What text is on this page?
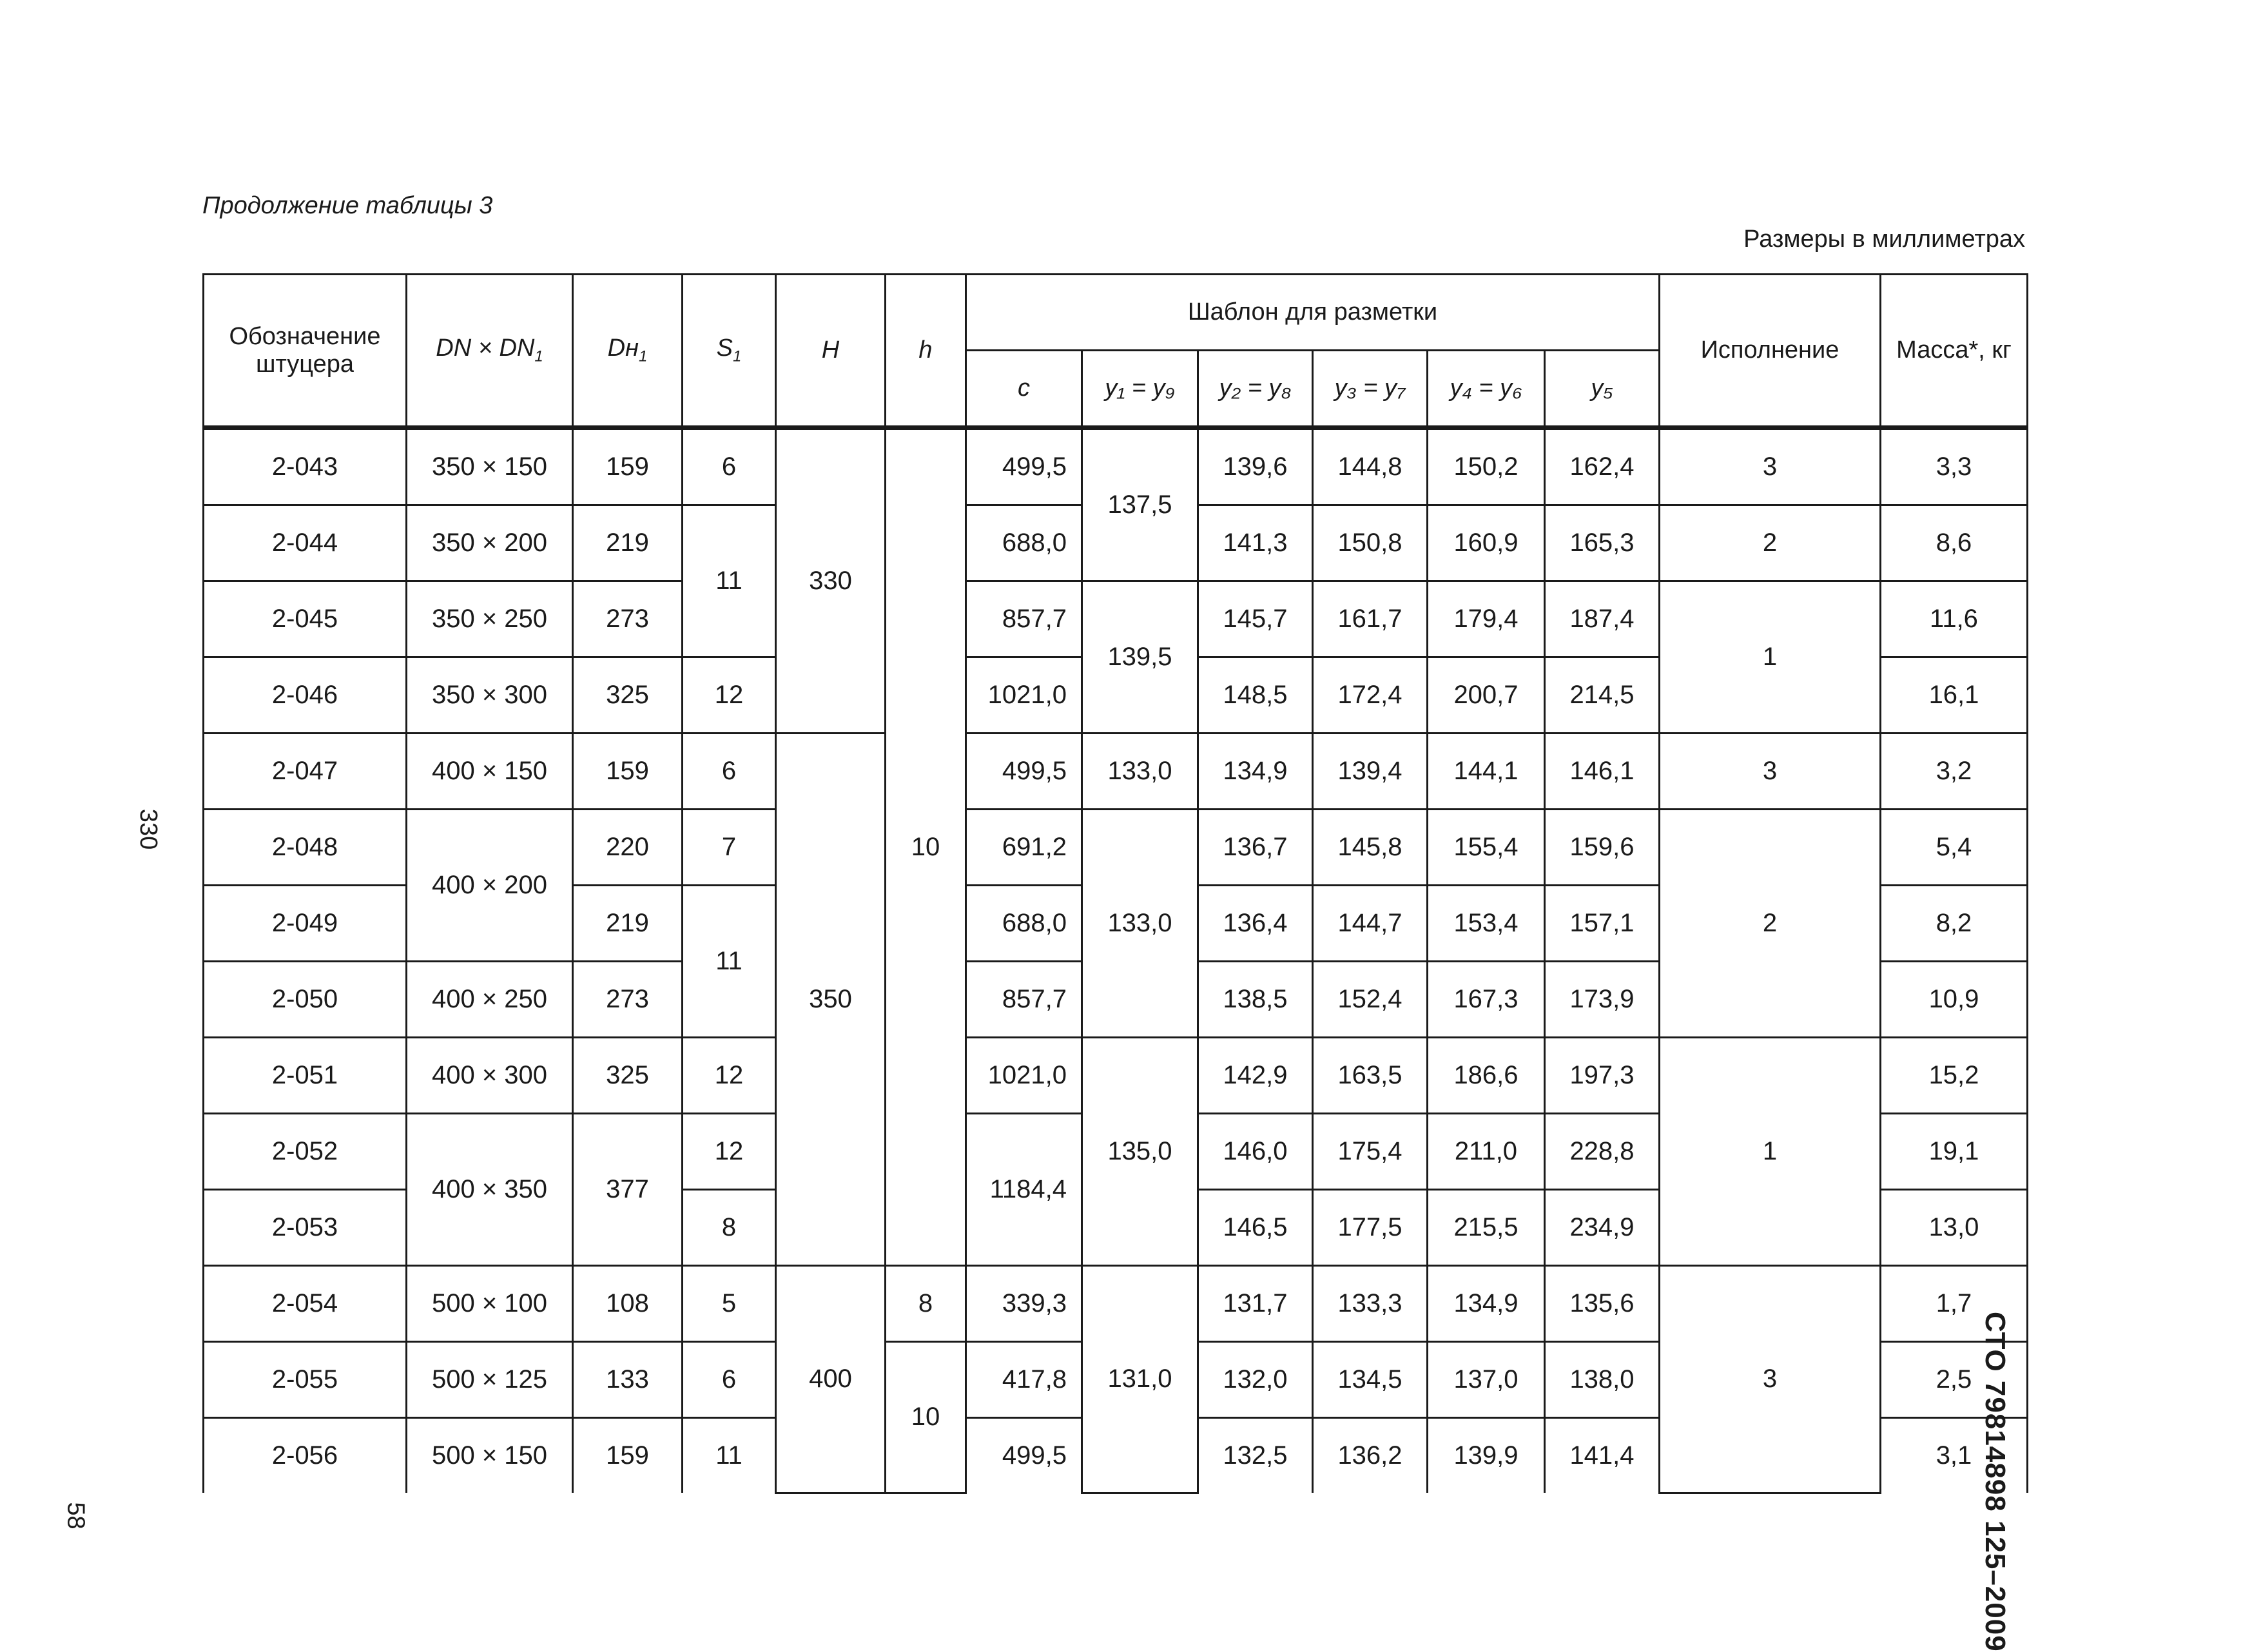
Продолжение таблицы 3
Размеры в миллиметрах
330
58	СТО 79814898 125–2009
Обозначение штуцера	DN × $DN_1$	$Dн_1$	$S_1$	H	h	Шаблон для разметки						Исполнение	Масса*, кг
						c	y₁ = y₉	y₂ = y₈	y₃ = y₇	y₄ = y₆	y₅		
2-043	350 × 150	159	6	330	10	499,5	137,5	139,6	144,8	150,2	162,4	3	3,3
2-044	350 × 200	219	11			688,0		141,3	150,8	160,9	165,3	2	8,6
2-045	350 × 250	273				857,7	139,5	145,7	161,7	179,4	187,4	1	11,6
2-046	350 × 300	325	12			1021,0		148,5	172,4	200,7	214,5		16,1
2-047	400 × 150	159	6	350		499,5	133,0	134,9	139,4	144,1	146,1	3	3,2
2-048	400 × 200	220	7			691,2	133,0	136,7	145,8	155,4	159,6	2	5,4
2-049		219	11			688,0		136,4	144,7	153,4	157,1		8,2
2-050	400 × 250	273				857,7		138,5	152,4	167,3	173,9		10,9
2-051	400 × 300	325	12			1021,0	135,0	142,9	163,5	186,6	197,3	1	15,2
2-052	400 × 350	377	12			1184,4		146,0	175,4	211,0	228,8		19,1
2-053			8					146,5	177,5	215,5	234,9		13,0
2-054	500 × 100	108	5	400	8	339,3	131,0	131,7	133,3	134,9	135,6	3	1,7
2-055	500 × 125	133	6		10	417,8		132,0	134,5	137,0	138,0		2,5
2-056	500 × 150	159	11			499,5		132,5	136,2	139,9	141,4		3,1
